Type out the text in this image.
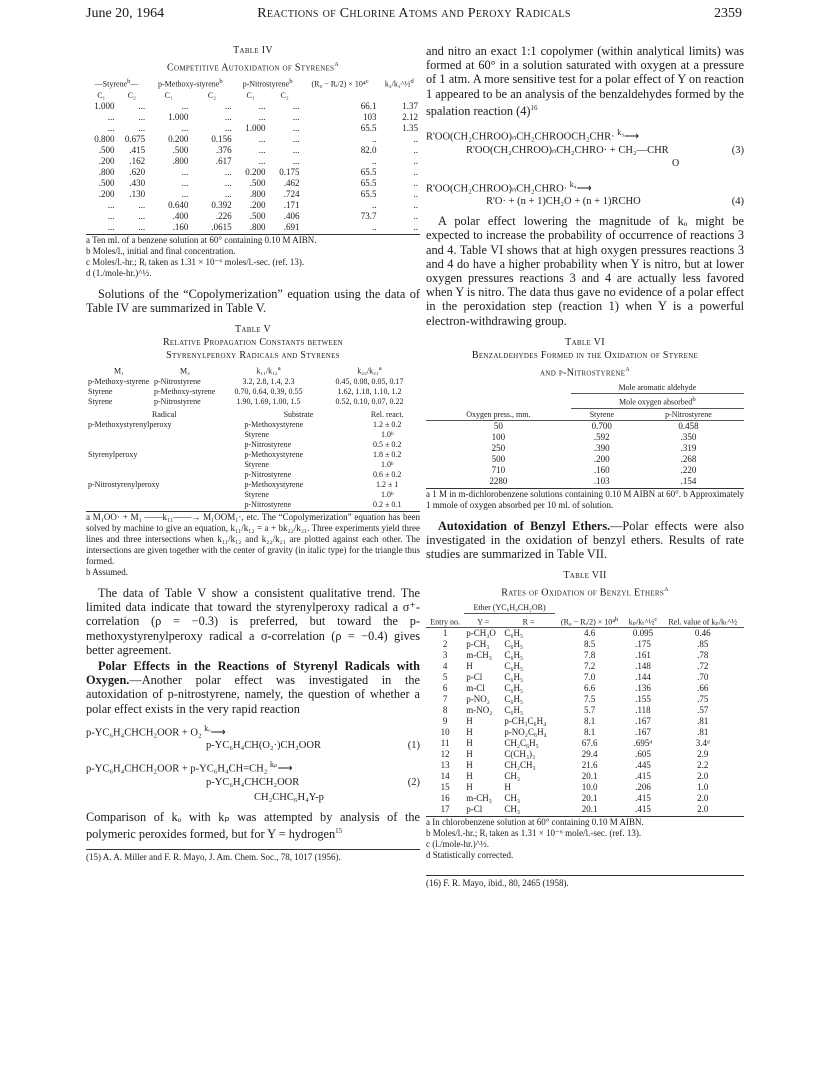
June 20, 1964	Reactions of Chlorine Atoms and Peroxy Radicals	2359
Table IV
Competitive Autoxidation of Styrenes$^a$
—Styrene$^b$—		p-Methoxy-styrene$^b$		p-Nitrostyrene$^b$		(R₀ − Rᵢ/2) × 10⁴$^c$	k₂/k₁^½$^d$
C₁	C₂	C₁	C₂	C₁	C₂		
1.000	...	...	...	...	...	66.1	1.37
...	...	1.000	...	...	...	103	2.12
...	...	...	...	1.000	...	65.5	1.35
0.800	0.675	0.200	0.156	...	...	..	..
.500	.415	.500	.376	...	...	82.0	..
.200	.162	.800	.617	...	...	..	..
.800	.620	...	...	0.200	0.175	65.5	..
.500	.430	...	...	.500	.462	65.5	..
.200	.130	...	...	.800	.724	65.5	..
...	...	0.640	0.392	.200	.171	..	..
...	...	.400	.226	.500	.406	73.7	..
...	...	.160	.0615	.800	.691	..	..
a Ten ml. of a benzene solution at 60° containing 0.10 M AIBN.
b Moles/l., initial and final concentration.
c Moles/l.-hr.; Rᵢ taken as 1.31 × 10⁻⁶ moles/l.-sec. (ref. 13).
d (1./mole-hr.)^½.

Solutions of the “Copolymerization” equation using the data of Table IV are summarized in Table V.

Table V
Relative Propagation Constants between
Styrenylperoxy Radicals and Styrenes
M₁	M₂	k₁₁/k₁₂$^a$	k₂₂/k₂₁$^a$
p-Methoxy-styrene	p-Nitrostyrene	3.2, 2.8, 1.4, 2.3	0.45, 0.08, 0.05, 0.17
Styrene	p-Methoxy-styrene	0.70, 0.64, 0.39, 0.55	1.62, 1.18, 1.10, 1.2
Styrene	p-Nitrostyrene	1.90, 1.69, 1.00, 1.5	0.52, 0.10, 0.07, 0.22
Radical	Substrate	Rel. react.
p-Methoxystyrenylperoxy	p-Methoxystyrene	1.2 ± 0.2
	Styrene	1.0ᵇ
	p-Nitrostyrene	0.5 ± 0.2
Styrenylperoxy	p-Methoxystyrene	1.8 ± 0.2
	Styrene	1.0ᵇ
	p-Nitrostyrene	0.6 ± 0.2
p-Nitrostyrenylperoxy	p-Methoxystyrene	1.2 ± 1
	Styrene	1.0ᵇ
	p-Nitrostyrene	0.2 ± 0.1
a M₁OO· + M₁ ——k₁₁——→ M₁OOM₁·, etc. The “Copolymerization” equation has been solved by machine to give an equation, k₁₁/k₁₂ = a + bk₂₂/k₂₁. Three experiments yield three lines and three intersections when k₁₁/k₁₂ and k₂₂/k₂₁ are plotted against each other. The intersections are given together with the center of gravity (in italic type) for the triangle thus formed.
b Assumed.

The data of Table V show a consistent qualitative trend. The limited data indicate that toward the styrenylperoxy radical a σ⁺-correlation (ρ = −0.3) is preferred, but toward the p-methoxystyrenylperoxy radical a σ-correlation (ρ = −0.4) gives better agreement.

Polar Effects in the Reactions of Styrenyl Radicals with Oxygen.—Another polar effect was investigated in the autoxidation of p-nitrostyrene, namely, the question of whether a polar effect exists in the very rapid reaction

p-YC₆H₄CHCH₂OOR + O₂ $^{k_o}$⟶
p-YC₆H₄CH(O₂·)CH₂OOR	(1)
p-YC₆H₄CHCH₂OOR + p-YC₆H₄CH=CH₂ $^{k_p}$⟶
p-YC₆H₄CHCH₂OOR	(2)
CH₂CHC₆H₄Y-p

Comparison of kₒ with kₚ was attempted by analysis of the polymeric peroxides formed, but for Y = hydrogen$^{15}$

(15) A. A. Miller and F. R. Mayo, J. Am. Chem. Soc., 78, 1017 (1956).

and nitro an exact 1:1 copolymer (within analytical limits) was formed at 60° in a solution saturated with oxygen at a pressure of 1 atm. A more sensitive test for a polar effect of Y on reaction 1 appeared to be an analysis of the benzaldehydes formed by the spalation reaction $(4)^{16}$

R'OO(CH₂CHROO)ₙCH₂CHROOCH₂CHR· $^{k_3}$⟶
R'OO(CH₂CHROO)ₙCH₂CHRO· + CH₂—CHR	(3)
O
R'OO(CH₂CHROO)ₙCH₂CHRO· $^{k_4}$⟶
R'O· + (n + 1)CH₂O + (n + 1)RCHO	(4)

A polar effect lowering the magnitude of kₒ might be expected to increase the probability of occurrence of reactions 3 and 4. Table VI shows that at high oxygen pressures reactions 3 and 4 do have a higher probability when Y is nitro, but at lower oxygen pressures reactions 3 and 4 are actually less favored when Y is nitro. The data thus gave no evidence of a polar effect in the peroxidation step (reaction 1) when Y is a powerful electron-withdrawing group.

Table VI
Benzaldehydes Formed in the Oxidation of Styrene
and p-Nitrostyrene$^a$
	Mole aromatic aldehyde	
	Mole oxygen absorbed$^b$
Oxygen press., mm.	Styrene	p-Nitrostyrene
50	0.700	0.458
100	.592	.350
250	.390	.319
500	.200	.268
710	.160	.220
2280	.103	.154
a 1 M in m-dichlorobenzene solutions containing 0.10 M AIBN at 60°. b Approximately 1 mmole of oxygen absorbed per 10 ml. of solution.

Autoxidation of Benzyl Ethers.—Polar effects were also investigated in the oxidation of benzyl ethers. Results of rate studies are summarized in Table VII.

Table VII
Rates of Oxidation of Benzyl Ethers$^a$
	Ether (YC₆H₄CH₂OR)				
Entry no.	Y =	R =	(R₀ − Rᵢ/2) × 10⁴$^b$	kₚ/kₜ^½$^c$	Rel. value of kₚ/kₜ^½
1	p-CH₃O	C₆H₅	4.6	0.095	0.46
2	p-CH₃	C₆H₅	8.5	.175	.85
3	m-CH₃	C₆H₅	7.8	.161	.78
4	H	C₆H₅	7.2	.148	.72
5	p-Cl	C₆H₅	7.0	.144	.70
6	m-Cl	C₆H₅	6.6	.136	.66
7	p-NO₂	C₆H₅	7.5	.155	.75
8	m-NO₂	C₆H₅	5.7	.118	.57
9	H	p-CH₃C₆H₄	8.1	.167	.81
10	H	p-NO₂C₆H₄	8.1	.167	.81
11	H	CH₂C₆H₅	67.6	.695ᵈ	3.4ᵈ
12	H	C(CH₃)₃	29.4	.605	2.9
13	H	CH₂CH₃	21.6	.445	2.2
14	H	CH₃	20.1	.415	2.0
15	H	H	10.0	.206	1.0
16	m-CH₃	CH₃	20.1	.415	2.0
17	p-Cl	CH₃	20.1	.415	2.0
a In chlorobenzene solution at 60° containing 0.10 M AIBN.
b Moles/l.-hr.; Rᵢ taken as 1.31 × 10⁻⁶ mole/l.-sec. (ref. 13).
c (l./mole-hr.)^½.
d Statistically corrected.
(16) F. R. Mayo, ibid., 80, 2465 (1958).
